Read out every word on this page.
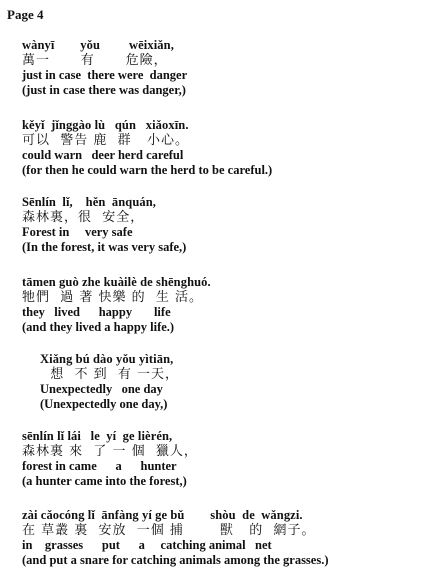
Page 4
wànyī        yǒu         wēixiǎn,
萬一      有      危險，
just in case  there were  danger
(just in case there was danger,)
kěyǐ  jǐnggào lù   qún   xiǎoxīn.
可以  警告 鹿  群   小心。
could warn   deer herd careful
(for then he could warn the herd to be careful.)
Sēnlín  lǐ,    hěn  ānquán,
森林裏，很  安全，
Forest in     very safe
(In the forest, it was very safe,)
tāmen guò zhe kuàilè de shēnghuó.
牠們  過 著 快樂 的  生 活。
they   lived      happy       life
(and they lived a happy life.)
Xiǎng bú dào yǒu yìtiān,
想  不 到  有 一天，
Unexpectedly   one day
(Unexpectedly one day,)
sēnlín lǐ lái   le  yí  ge lièrén,
森林裏 來  了 一 個  獵人，
forest in came      a      hunter
(a hunter came into the forest,)
zài cǎocóng lǐ  ānfàng yí ge bǔ        shòu  de  wǎngzi.
在 草叢 裏  安放  一個 捕       獸   的  網子。
in    grasses      put      a     catching animal   net
(and put a snare for catching animals among the grasses.)
